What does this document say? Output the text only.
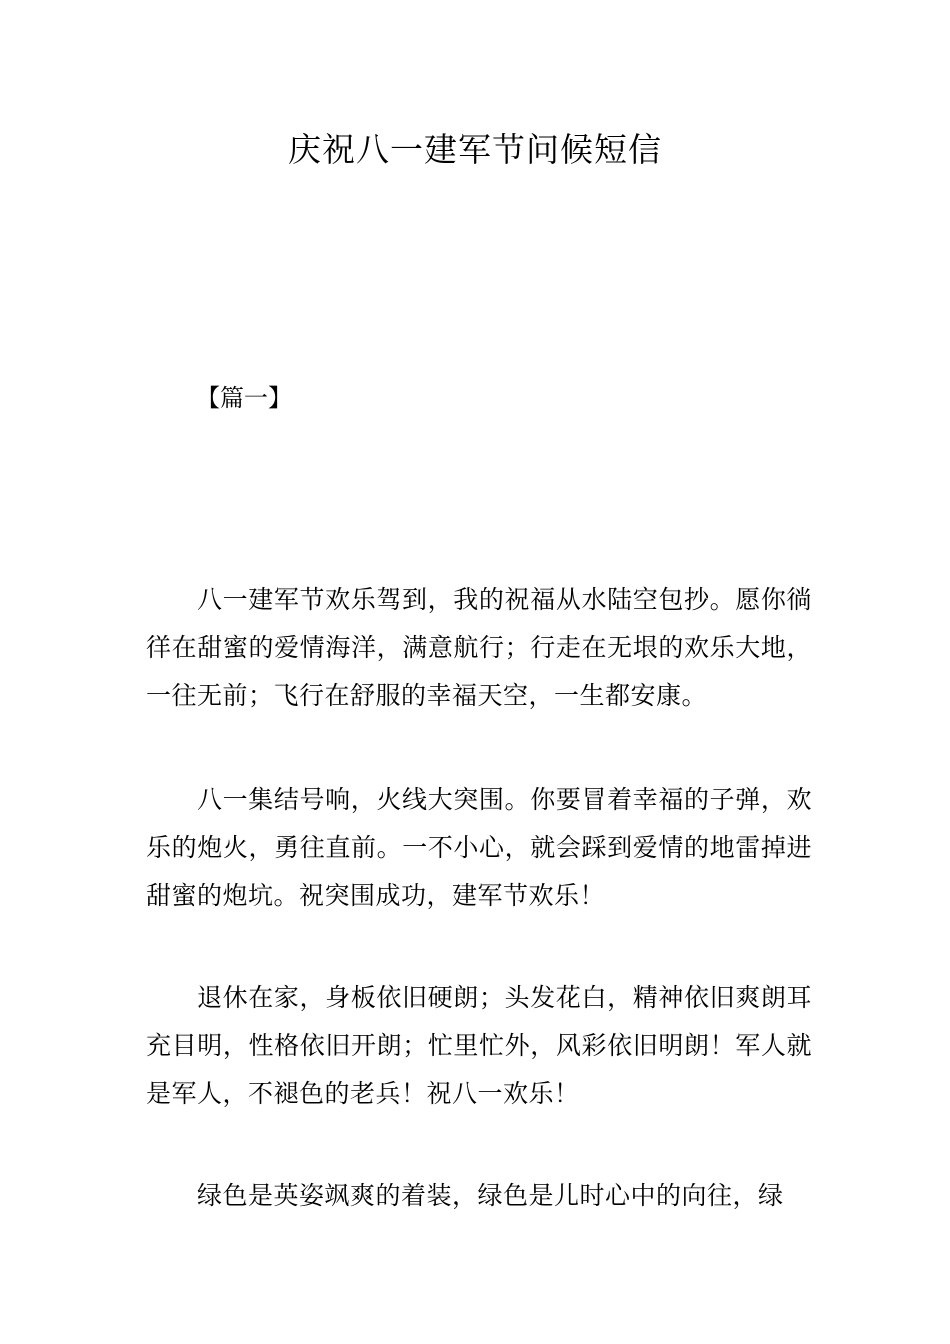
庆祝八一建军节问候短信
【篇一】
八一建军节欢乐驾到，我的祝福从水陆空包抄。愿你徜徉在甜蜜的爱情海洋，满意航行；行走在无垠的欢乐大地，一往无前；飞行在舒服的幸福天空，一生都安康。
八一集结号响，火线大突围。你要冒着幸福的子弹，欢乐的炮火，勇往直前。一不小心，就会踩到爱情的地雷掉进甜蜜的炮坑。祝突围成功，建军节欢乐！
退休在家，身板依旧硬朗；头发花白，精神依旧爽朗耳充目明，性格依旧开朗；忙里忙外，风彩依旧明朗！军人就是军人，不褪色的老兵！祝八一欢乐！
绿色是英姿飒爽的着装，绿色是儿时心中的向往，绿
